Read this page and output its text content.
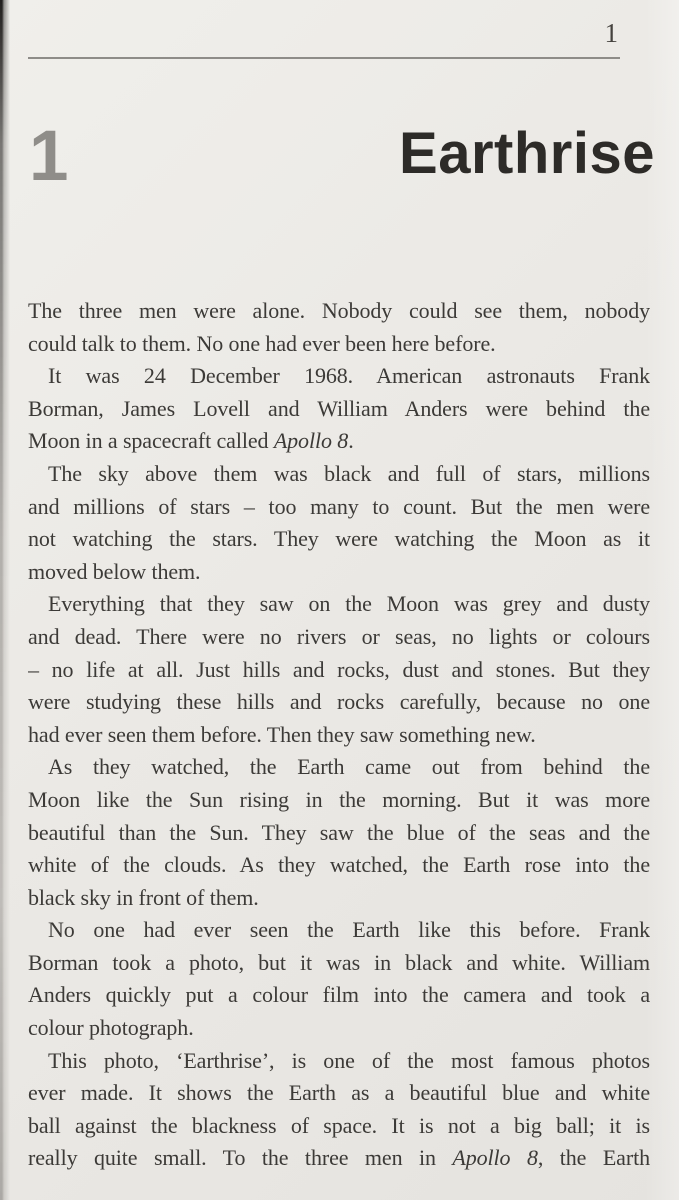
1
1	Earthrise
The three men were alone. Nobody could see them, nobody
could talk to them. No one had ever been here before.
It was 24 December 1968. American astronauts Frank
Borman, James Lovell and William Anders were behind the
Moon in a spacecraft called Apollo 8.
The sky above them was black and full of stars, millions
and millions of stars – too many to count. But the men were
not watching the stars. They were watching the Moon as it
moved below them.
Everything that they saw on the Moon was grey and dusty
and dead. There were no rivers or seas, no lights or colours
– no life at all. Just hills and rocks, dust and stones. But they
were studying these hills and rocks carefully, because no one
had ever seen them before. Then they saw something new.
As they watched, the Earth came out from behind the
Moon like the Sun rising in the morning. But it was more
beautiful than the Sun. They saw the blue of the seas and the
white of the clouds. As they watched, the Earth rose into the
black sky in front of them.
No one had ever seen the Earth like this before. Frank
Borman took a photo, but it was in black and white. William
Anders quickly put a colour film into the camera and took a
colour photograph.
This photo, ‘Earthrise’, is one of the most famous photos
ever made. It shows the Earth as a beautiful blue and white
ball against the blackness of space. It is not a big ball; it is
really quite small. To the three men in Apollo 8, the Earth
